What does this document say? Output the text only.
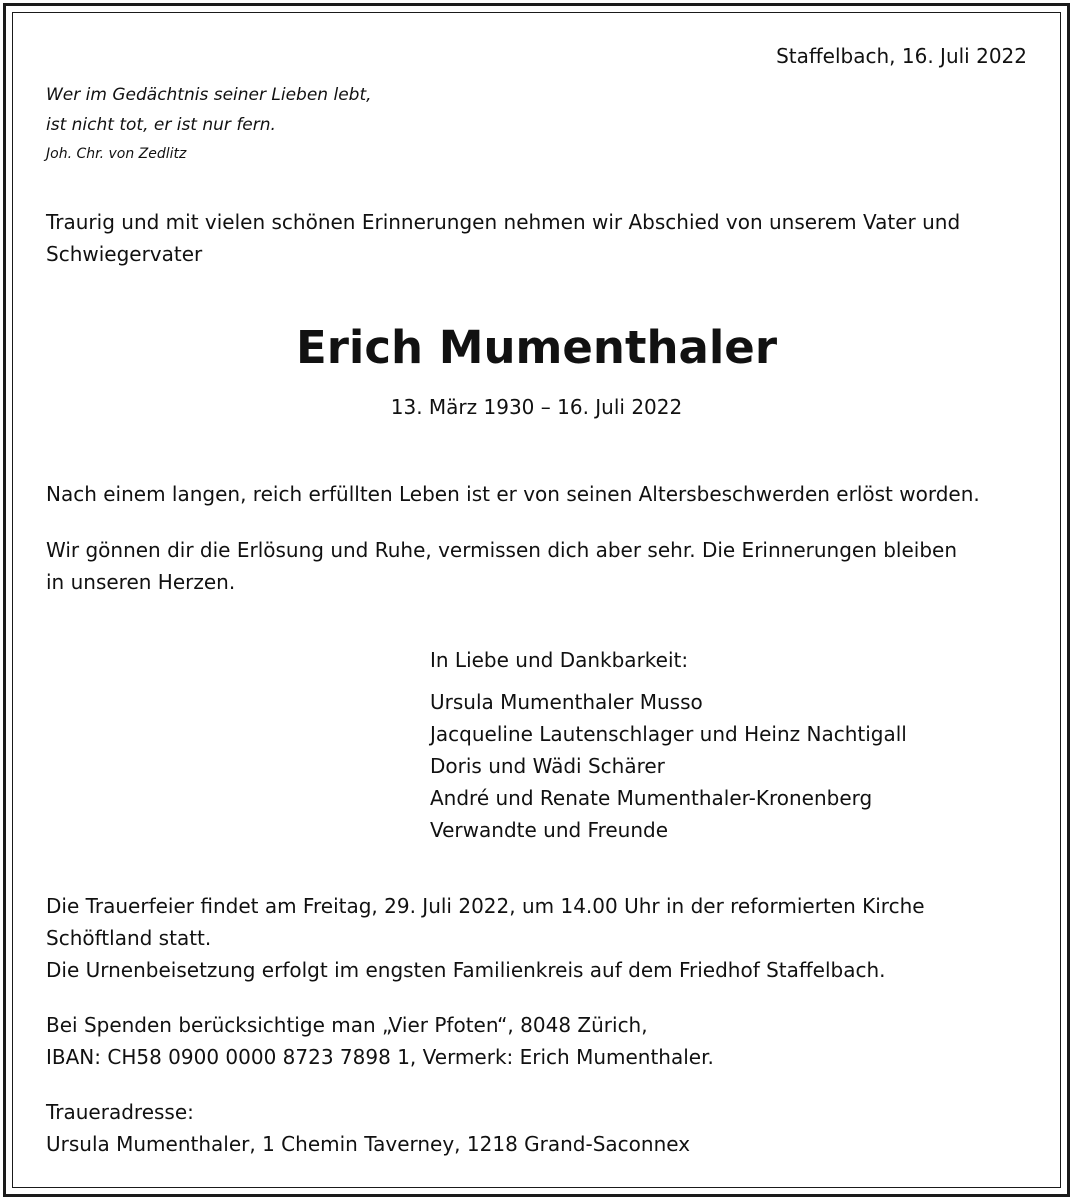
Staffelbach, 16. Juli 2022

Wer im Gedächtnis seiner Lieben lebt,
ist nicht tot, er ist nur fern.

Joh. Chr. von Zedlitz

Traurig und mit vielen schönen Erinnerungen nehmen wir Abschied von unserem Vater und
Schwiegervater

Erich Mumenthaler

13. März 1930 – 16. Juli 2022

Nach einem langen, reich erfüllten Leben ist er von seinen Altersbeschwerden erlöst worden.

Wir gönnen dir die Erlösung und Ruhe, vermissen dich aber sehr. Die Erinnerungen bleiben
in unseren Herzen.

In Liebe und Dankbarkeit:

Ursula Mumenthaler Musso
Jacqueline Lautenschlager und Heinz Nachtigall
Doris und Wädi Schärer
André und Renate Mumenthaler-Kronenberg
Verwandte und Freunde

Die Trauerfeier findet am Freitag, 29. Juli 2022, um 14.00 Uhr in der reformierten Kirche
Schöftland statt.
Die Urnenbeisetzung erfolgt im engsten Familienkreis auf dem Friedhof Staffelbach.

Bei Spenden berücksichtige man „Vier Pfoten“, 8048 Zürich,
IBAN: CH58 0900 0000 8723 7898 1, Vermerk: Erich Mumenthaler.

Traueradresse:

Ursula Mumenthaler, 1 Chemin Taverney, 1218 Grand-Saconnex
